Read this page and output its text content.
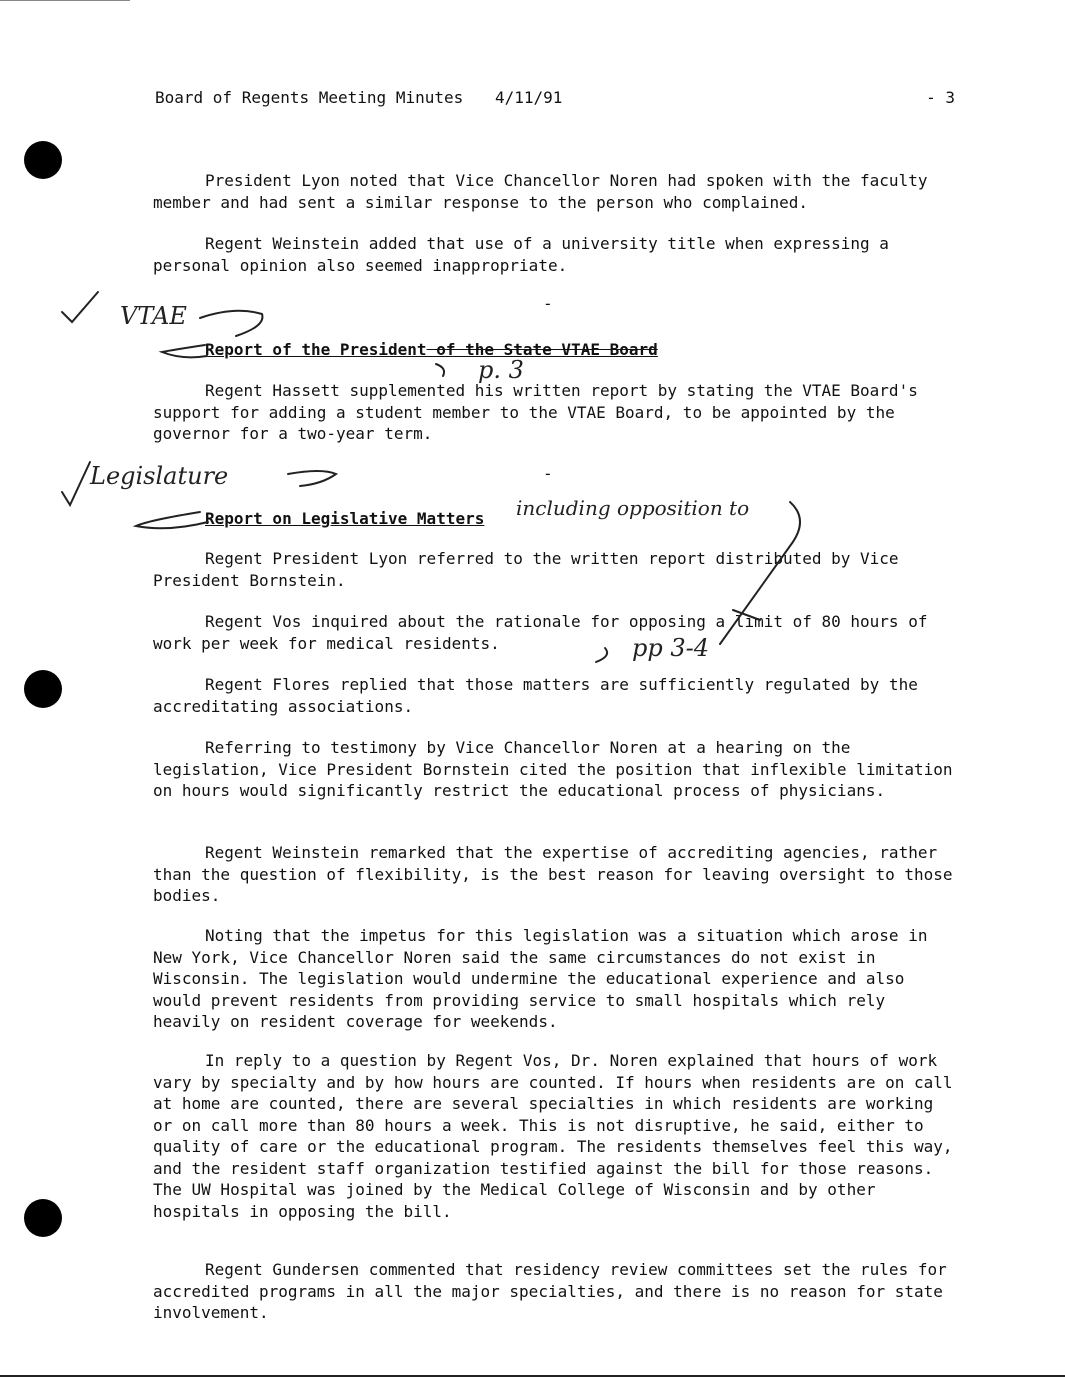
Board of Regents Meeting Minutes 4/11/91	- 3

President Lyon noted that Vice Chancellor Noren had spoken with the faculty member and had sent a similar response to the person who complained.

Regent Weinstein added that use of a university title when expressing a personal opinion also seemed inappropriate.

-
VTAE

Report of the President of the State VTAE Board

p. 3

Regent Hassett supplemented his written report by stating the VTAE Board's support for adding a student member to the VTAE Board, to be appointed by the governor for a two-year term.

-
Legislature

Report on Legislative Matters including opposition to

Regent President Lyon referred to the written report distributed by Vice President Bornstein.

Regent Vos inquired about the rationale for opposing a limit of 80 hours of work per week for medical residents.	pp 3-4

Regent Flores replied that those matters are sufficiently regulated by the accreditating associations.

Referring to testimony by Vice Chancellor Noren at a hearing on the legislation, Vice President Bornstein cited the position that inflexible limitation on hours would significantly restrict the educational process of physicians.

Regent Weinstein remarked that the expertise of accrediting agencies, rather than the question of flexibility, is the best reason for leaving oversight to those bodies.

Noting that the impetus for this legislation was a situation which arose in New York, Vice Chancellor Noren said the same circumstances do not exist in Wisconsin. The legislation would undermine the educational experience and also would prevent residents from providing service to small hospitals which rely heavily on resident coverage for weekends.

In reply to a question by Regent Vos, Dr. Noren explained that hours of work vary by specialty and by how hours are counted. If hours when residents are on call at home are counted, there are several specialties in which residents are working or on call more than 80 hours a week. This is not disruptive, he said, either to quality of care or the educational program. The residents themselves feel this way, and the resident staff organization testified against the bill for those reasons. The UW Hospital was joined by the Medical College of Wisconsin and by other hospitals in opposing the bill.

Regent Gundersen commented that residency review committees set the rules for accredited programs in all the major specialties, and there is no reason for state involvement.
